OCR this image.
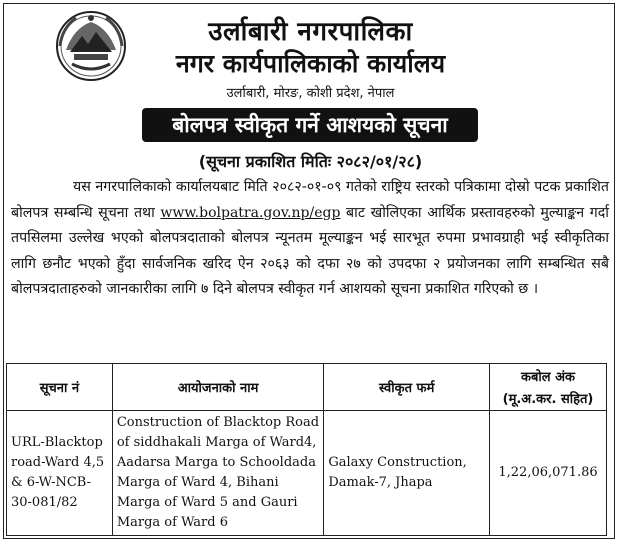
उर्लाबारी नगरपालिका
नगर कार्यपालिकाको कार्यालय
उर्लाबारी, मोरङ, कोशी प्रदेश, नेपाल
बोलपत्र स्वीकृत गर्ने आशयको सूचना
(सूचना प्रकाशित मितिः २०८२/०१/२८)

यस नगरपालिकाको कार्यालयबाट मिति २०८२-०१-०९ गतेको राष्ट्रिय स्तरको पत्रिकामा दोस्रो पटक प्रकाशित बोलपत्र सम्बन्धि सूचना तथा www.bolpatra.gov.np/egp बाट खोलिएका आर्थिक प्रस्तावहरुको मुल्याङ्कन गर्दा तपसिलमा उल्लेख भएको बोलपत्रदाताको बोलपत्र न्यूनतम मूल्याङ्कन भई सारभूत रुपमा प्रभावग्राही भई स्वीकृतिका लागि छनौट भएको हुँदा सार्वजनिक खरिद ऐन २०६३ को दफा २७ को उपदफा २ प्रयोजनका लागि सम्बन्धित सबै बोलपत्रदाताहरुको जानकारीका लागि ७ दिने बोलपत्र स्वीकृत गर्न आशयको सूचना प्रकाशित गरिएको छ ।

सूचना नं	आयोजनाको नाम	स्वीकृत फर्म	कबोल अंक
(मू.अ.कर. सहित)

URL-Blacktop road-Ward 4,5 & 6-W-NCB-30-081/82	Construction of Blacktop Road of siddhakali Marga of Ward4, Aadarsa Marga to Schooldada Marga of Ward 4, Bihani Marga of Ward 5 and Gauri Marga of Ward 6	Galaxy Construction, Damak-7, Jhapa	1,22,06,071.86
